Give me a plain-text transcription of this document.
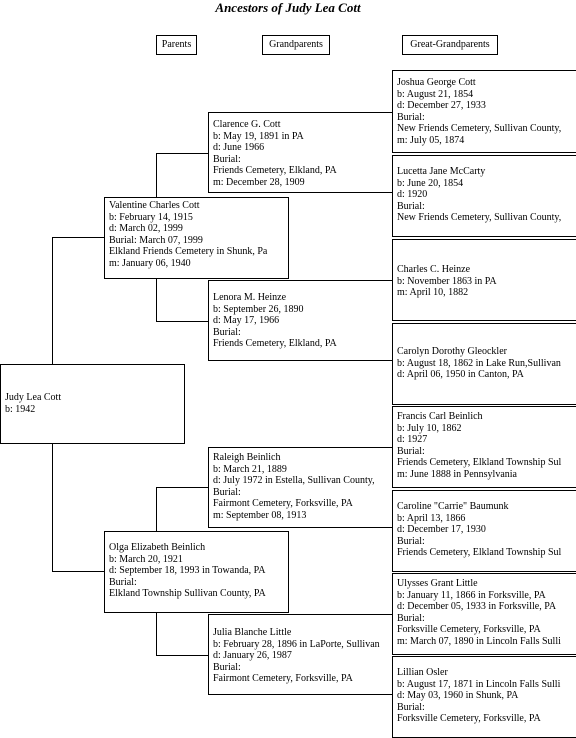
Ancestors of Judy Lea Cott
Parents	Grandparents	Great-Grandparents
Judy Lea Cott
b: 1942
Valentine Charles Cott
b: February 14, 1915
d: March 02, 1999
Burial: March 07, 1999
Elkland Friends Cemetery in Shunk, Pa
m: January 06, 1940
Olga Elizabeth Beinlich
b: March 20, 1921
d: September 18, 1993 in Towanda, PA
Burial:
Elkland Township Sullivan County, PA
Clarence G. Cott
b: May 19, 1891 in PA
d: June 1966
Burial:
Friends Cemetery, Elkland, PA
m: December 28, 1909
Lenora M. Heinze
b: September 26, 1890
d: May 17, 1966
Burial:
Friends Cemetery, Elkland, PA
Raleigh Beinlich
b: March 21, 1889
d: July 1972 in Estella, Sullivan County,
Burial:
Fairmont Cemetery, Forksville, PA
m: September 08, 1913
Julia Blanche Little
b: February 28, 1896 in LaPorte, Sullivan
d: January 26, 1987
Burial:
Fairmont Cemetery, Forksville, PA
Joshua George Cott
b: August 21, 1854
d: December 27, 1933
Burial:
New Friends Cemetery, Sullivan County,
m: July 05, 1874
Lucetta Jane McCarty
b: June 20, 1854
d: 1920
Burial:
New Friends Cemetery, Sullivan County,
Charles C. Heinze
b: November 1863 in PA
m: April 10, 1882
Carolyn Dorothy Gleockler
b: August 18, 1862 in Lake Run,Sullivan
d: April 06, 1950 in Canton, PA
Francis Carl Beinlich
b: July 10, 1862
d: 1927
Burial:
Friends Cemetery, Elkland Township Sul
m: June 1888 in Pennsylvania
Caroline "Carrie" Baumunk
b: April 13, 1866
d: December 17, 1930
Burial:
Friends Cemetery, Elkland Township Sul
Ulysses Grant Little
b: January 11, 1866 in Forksville, PA
d: December 05, 1933 in Forksville, PA
Burial:
Forksville Cemetery, Forksville, PA
m: March 07, 1890 in Lincoln Falls Sulli
Lillian Osler
b: August 17, 1871 in Lincoln Falls Sulli
d: May 03, 1960 in Shunk, PA
Burial:
Forksville Cemetery, Forksville, PA
